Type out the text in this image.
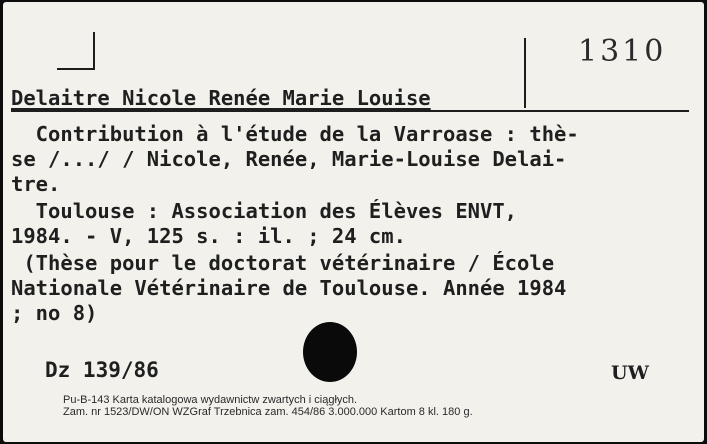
1310

Delaitre Nicole Renée Marie Louise

Contribution à l'étude de la Varroase : thè-

se /.../ / Nicole, Renée, Marie-Louise Delai-

tre.

Toulouse : Association des Élèves ENVT,

1984. - V, 125 s. : il. ; 24 cm.

(Thèse pour le doctorat vétérinaire / École

Nationale Vétérinaire de Toulouse. Année 1984

; no 8)

Dz 139/86	UW
Pu-B-143 Karta katalogowa wydawnictw zwartych i ciągłych.
Zam. nr 1523/DW/ON WZGraf Trzebnica zam. 454/86 3.000.000 Kartom 8 kl. 180 g.
